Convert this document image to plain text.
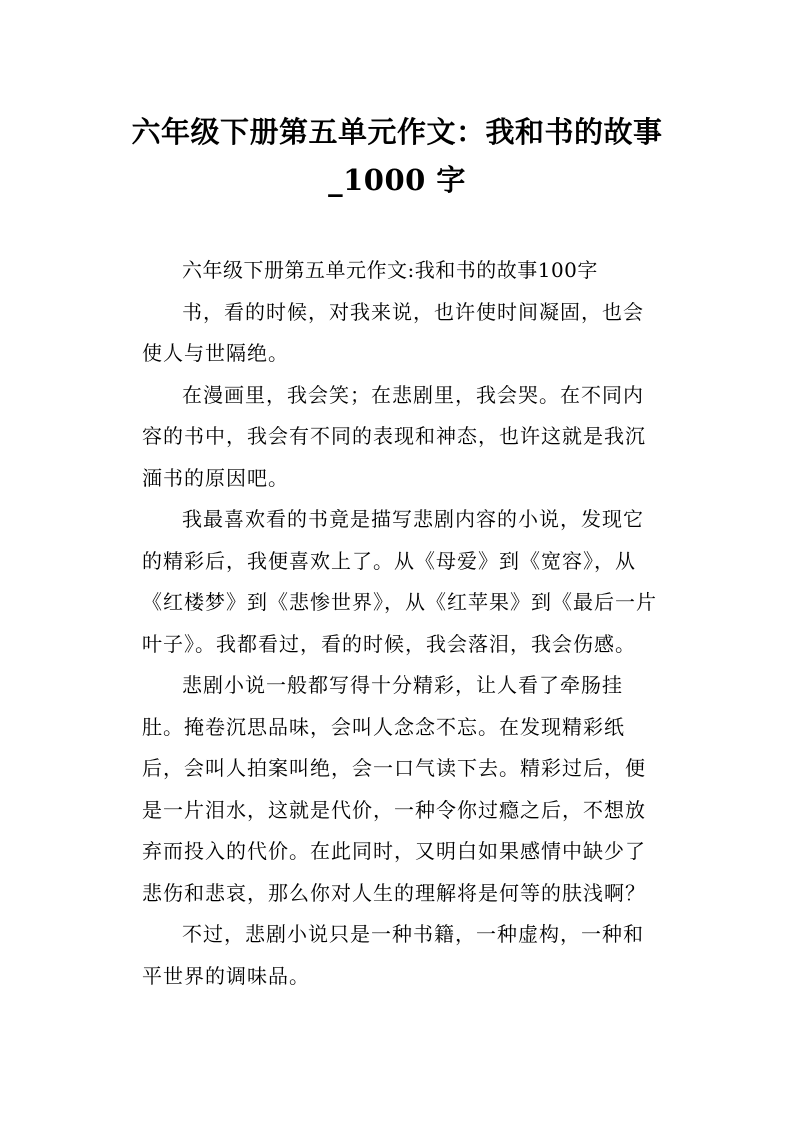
六年级下册第五单元作文：我和书的故事
_1000 字

六年级下册第五单元作文:我和书的故事100字

书，看的时候，对我来说，也许使时间凝固，也会使人与世隔绝。

在漫画里，我会笑；在悲剧里，我会哭。在不同内容的书中，我会有不同的表现和神态，也许这就是我沉湎书的原因吧。

我最喜欢看的书竟是描写悲剧内容的小说，发现它的精彩后，我便喜欢上了。从《母爱》到《宽容》，从《红楼梦》到《悲惨世界》，从《红苹果》到《最后一片叶子》。我都看过，看的时候，我会落泪，我会伤感。

悲剧小说一般都写得十分精彩，让人看了牵肠挂肚。掩卷沉思品味，会叫人念念不忘。在发现精彩纸后，会叫人拍案叫绝，会一口气读下去。精彩过后，便是一片泪水，这就是代价，一种令你过瘾之后，不想放弃而投入的代价。在此同时，又明白如果感情中缺少了悲伤和悲哀，那么你对人生的理解将是何等的肤浅啊？

不过，悲剧小说只是一种书籍，一种虚构，一种和平世界的调味品。
